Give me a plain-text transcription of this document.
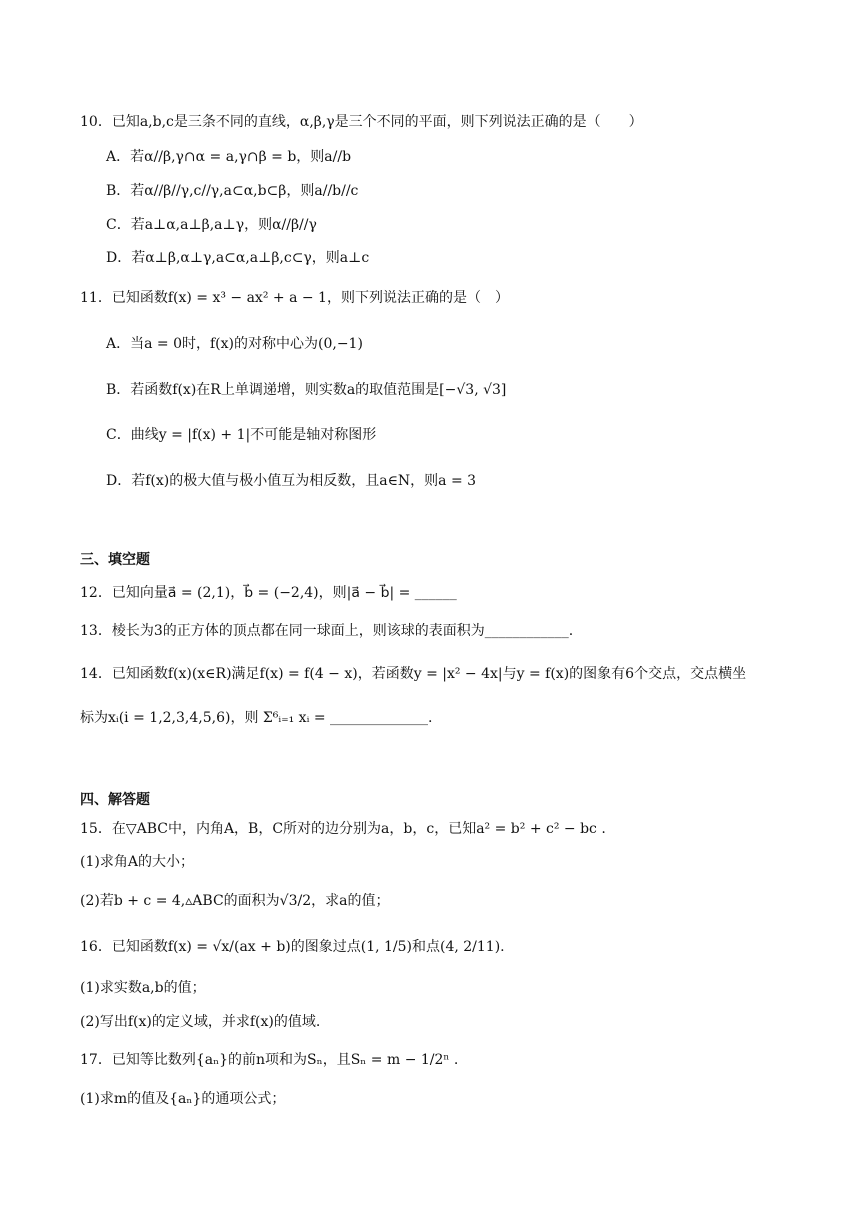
10．已知a,b,c是三条不同的直线，α,β,γ是三个不同的平面，则下列说法正确的是（　　）
A．若α//β,γ∩α = a,γ∩β = b，则a//b
B．若α//β//γ,c//γ,a⊂α,b⊂β，则a//b//c
C．若a⊥α,a⊥β,a⊥γ，则α//β//γ
D．若α⊥β,α⊥γ,a⊂α,a⊥β,c⊂γ，则a⊥c
11．已知函数f(x) = x³ − ax² + a − 1，则下列说法正确的是（　）
A．当a = 0时，f(x)的对称中心为(0,−1)
B．若函数f(x)在R上单调递增，则实数a的取值范围是[−√3, √3]
C．曲线y = |f(x) + 1|不可能是轴对称图形
D．若f(x)的极大值与极小值互为相反数，且a∈N，则a = 3
三、填空题
12．已知向量a⃗ = (2,1)，b⃗ = (−2,4)，则|a⃗ − b⃗| = ______
13．棱长为3的正方体的顶点都在同一球面上，则该球的表面积为____________.
14．已知函数f(x)(x∈R)满足f(x) = f(4 − x)，若函数y = |x² − 4x|与y = f(x)的图象有6个交点，交点横坐
标为xᵢ(i = 1,2,3,4,5,6)，则 Σ⁶ᵢ₌₁ xᵢ = ______________.
四、解答题
15．在▽ABC中，内角A，B，C所对的边分别为a，b，c，已知a² = b² + c² − bc .
(1)求角A的大小；
(2)若b + c = 4,▵ABC的面积为√3/2，求a的值；
16．已知函数f(x) = √x/(ax + b)的图象过点(1, 1/5)和点(4, 2/11).
(1)求实数a,b的值；
(2)写出f(x)的定义域，并求f(x)的值域.
17．已知等比数列{aₙ}的前n项和为Sₙ，且Sₙ = m − 1/2ⁿ .
(1)求m的值及{aₙ}的通项公式；
